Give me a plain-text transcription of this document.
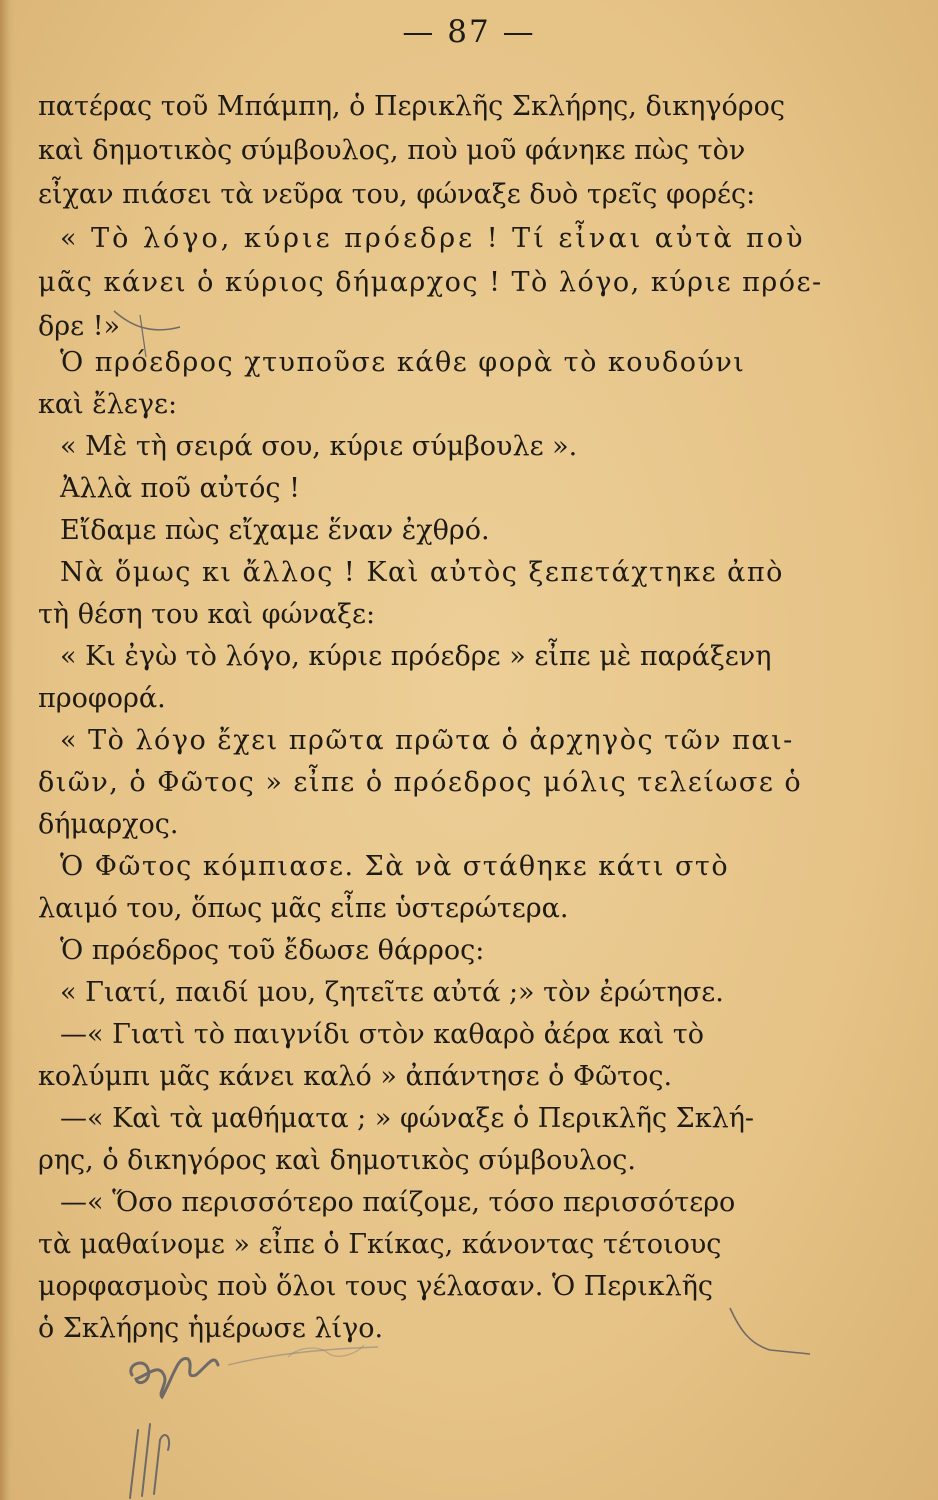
— 87 —
πατέρας τοῦ Μπάμπη, ὁ Περικλῆς Σκλήρης, δικηγόρος
καὶ δημοτικὸς σύμβουλος, ποὺ μοῦ φάνηκε πὼς τὸν
εἶχαν πιάσει τὰ νεῦρα του, φώναξε δυὸ τρεῖς φορές:
« Τὸ λόγο, κύριε πρόεδρε ! Τί εἶναι αὐτὰ ποὺ
μᾶς κάνει ὁ κύριος δήμαρχος ! Τὸ λόγο, κύριε πρόε-
δρε !»
Ὁ πρόεδρος χτυποῦσε κάθε φορὰ τὸ κουδούνι
καὶ ἔλεγε:
« Μὲ τὴ σειρά σου, κύριε σύμβουλε ».
Ἀλλὰ ποῦ αὐτός !
Εἴδαμε πὼς εἴχαμε ἕναν ἐχθρό.
Νὰ ὅμως κι ἄλλος ! Καὶ αὐτὸς ξεπετάχτηκε ἀπὸ
τὴ θέση του καὶ φώναξε:
« Κι ἐγὼ τὸ λόγο, κύριε πρόεδρε » εἶπε μὲ παράξενη
προφορά.
« Τὸ λόγο ἔχει πρῶτα πρῶτα ὁ ἀρχηγὸς τῶν παι-
διῶν, ὁ Φῶτος » εἶπε ὁ πρόεδρος μόλις τελείωσε ὁ
δήμαρχος.
Ὁ Φῶτος κόμπιασε. Σὰ νὰ στάθηκε κάτι στὸ
λαιμό του, ὅπως μᾶς εἶπε ὑστερώτερα.
Ὁ πρόεδρος τοῦ ἔδωσε θάρρος:
« Γιατί, παιδί μου, ζητεῖτε αὐτά ;» τὸν ἐρώτησε.
—« Γιατὶ τὸ παιγνίδι στὸν καθαρὸ ἀέρα καὶ τὸ
κολύμπι μᾶς κάνει καλό » ἀπάντησε ὁ Φῶτος.
—« Καὶ τὰ μαθήματα ; » φώναξε ὁ Περικλῆς Σκλή-
ρης, ὁ δικηγόρος καὶ δημοτικὸς σύμβουλος.
—« Ὅσο περισσότερο παίζομε, τόσο περισσότερο
τὰ μαθαίνομε » εἶπε ὁ Γκίκας, κάνοντας τέτοιους
μορφασμοὺς ποὺ ὅλοι τους γέλασαν. Ὁ Περικλῆς
ὁ Σκλήρης ἡμέρωσε λίγο.
